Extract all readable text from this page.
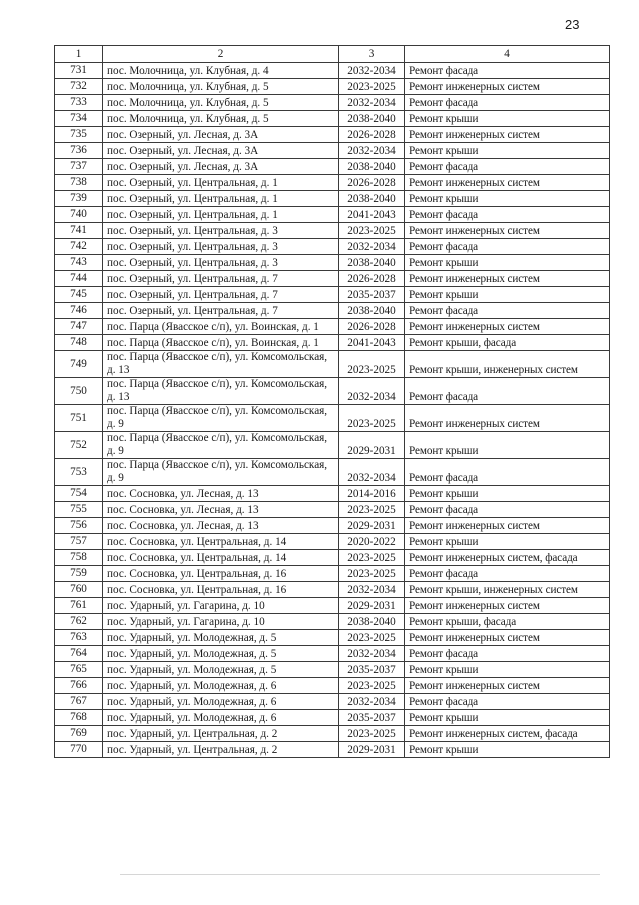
23
1	2	3	4
731	пос. Молочница, ул. Клубная, д. 4	2032-2034	Ремонт фасада
732	пос. Молочница, ул. Клубная, д. 5	2023-2025	Ремонт инженерных систем
733	пос. Молочница, ул. Клубная, д. 5	2032-2034	Ремонт фасада
734	пос. Молочница, ул. Клубная, д. 5	2038-2040	Ремонт крыши
735	пос. Озерный, ул. Лесная, д. 3А	2026-2028	Ремонт инженерных систем
736	пос. Озерный, ул. Лесная, д. 3А	2032-2034	Ремонт крыши
737	пос. Озерный, ул. Лесная, д. 3А	2038-2040	Ремонт фасада
738	пос. Озерный, ул. Центральная, д. 1	2026-2028	Ремонт инженерных систем
739	пос. Озерный, ул. Центральная, д. 1	2038-2040	Ремонт крыши
740	пос. Озерный, ул. Центральная, д. 1	2041-2043	Ремонт фасада
741	пос. Озерный, ул. Центральная, д. 3	2023-2025	Ремонт инженерных систем
742	пос. Озерный, ул. Центральная, д. 3	2032-2034	Ремонт фасада
743	пос. Озерный, ул. Центральная, д. 3	2038-2040	Ремонт крыши
744	пос. Озерный, ул. Центральная, д. 7	2026-2028	Ремонт инженерных систем
745	пос. Озерный, ул. Центральная, д. 7	2035-2037	Ремонт крыши
746	пос. Озерный, ул. Центральная, д. 7	2038-2040	Ремонт фасада
747	пос. Парца (Явасское с/п), ул. Воинская, д. 1	2026-2028	Ремонт инженерных систем
748	пос. Парца (Явасское с/п), ул. Воинская, д. 1	2041-2043	Ремонт крыши, фасада
749	пос. Парца (Явасское с/п), ул. Комсомольская, д. 13	2023-2025	Ремонт крыши, инженерных систем
750	пос. Парца (Явасское с/п), ул. Комсомольская, д. 13	2032-2034	Ремонт фасада
751	пос. Парца (Явасское с/п), ул. Комсомольская, д. 9	2023-2025	Ремонт инженерных систем
752	пос. Парца (Явасское с/п), ул. Комсомольская, д. 9	2029-2031	Ремонт крыши
753	пос. Парца (Явасское с/п), ул. Комсомольская, д. 9	2032-2034	Ремонт фасада
754	пос. Сосновка, ул. Лесная, д. 13	2014-2016	Ремонт крыши
755	пос. Сосновка, ул. Лесная, д. 13	2023-2025	Ремонт фасада
756	пос. Сосновка, ул. Лесная, д. 13	2029-2031	Ремонт инженерных систем
757	пос. Сосновка, ул. Центральная, д. 14	2020-2022	Ремонт крыши
758	пос. Сосновка, ул. Центральная, д. 14	2023-2025	Ремонт инженерных систем, фасада
759	пос. Сосновка, ул. Центральная, д. 16	2023-2025	Ремонт фасада
760	пос. Сосновка, ул. Центральная, д. 16	2032-2034	Ремонт крыши, инженерных систем
761	пос. Ударный, ул. Гагарина, д. 10	2029-2031	Ремонт инженерных систем
762	пос. Ударный, ул. Гагарина, д. 10	2038-2040	Ремонт крыши, фасада
763	пос. Ударный, ул. Молодежная, д. 5	2023-2025	Ремонт инженерных систем
764	пос. Ударный, ул. Молодежная, д. 5	2032-2034	Ремонт фасада
765	пос. Ударный, ул. Молодежная, д. 5	2035-2037	Ремонт крыши
766	пос. Ударный, ул. Молодежная, д. 6	2023-2025	Ремонт инженерных систем
767	пос. Ударный, ул. Молодежная, д. 6	2032-2034	Ремонт фасада
768	пос. Ударный, ул. Молодежная, д. 6	2035-2037	Ремонт крыши
769	пос. Ударный, ул. Центральная, д. 2	2023-2025	Ремонт инженерных систем, фасада
770	пос. Ударный, ул. Центральная, д. 2	2029-2031	Ремонт крыши
